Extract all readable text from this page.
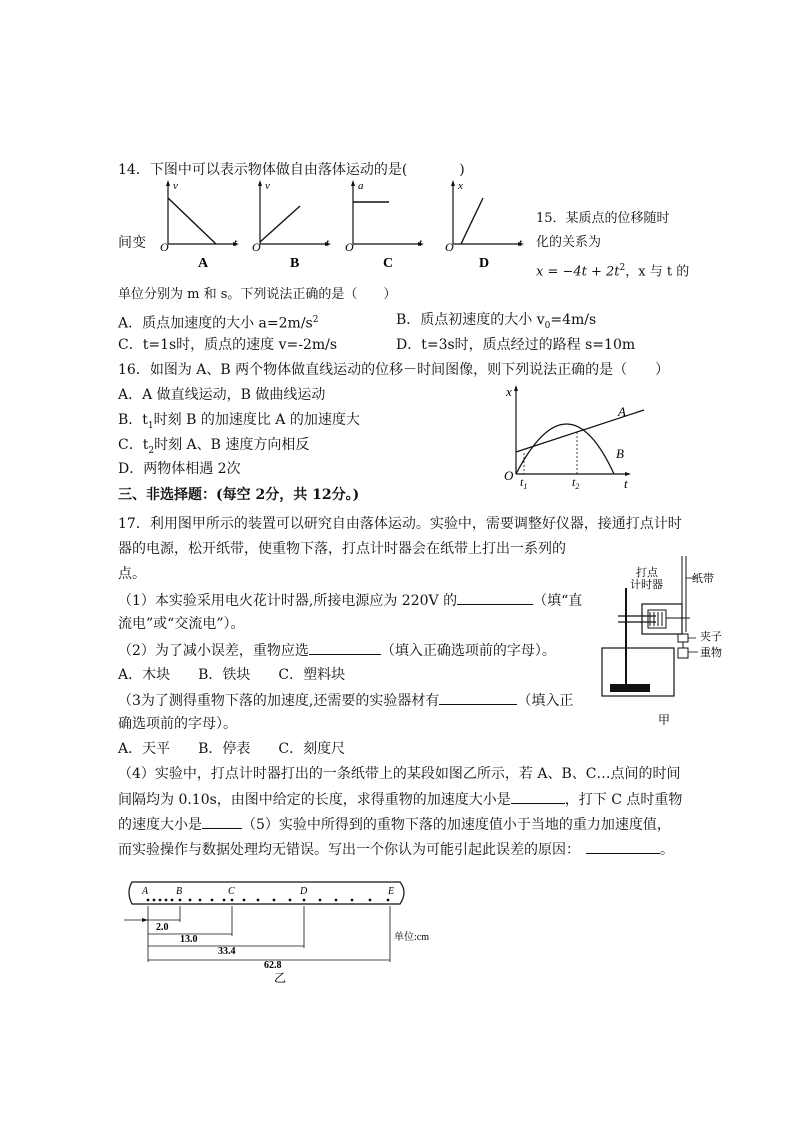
14．下图中可以表示物体做自由落体运动的是(	)
间变
v
t
O
A
v
t
O
B
a
t
O
C
x
t
O
D
15．某质点的位移随时
化的关系为
$x = -4t + 2t^2$，x 与 t 的
单位分别为 m 和 s。下列说法正确的是（　　）
A．质点加速度的大小 $a=2m/s^2$	B．质点初速度的大小 $v_0=4m/s$
C．t=1s时，质点的速度 v=-2m/s	D．t=3s时，质点经过的路程 s=10m
16．如图为 A、B 两个物体做直线运动的位移－时间图像，则下列说法正确的是（　　）
A．A 做直线运动，B 做曲线运动
B．$t_1$时刻 B 的加速度比 A 的加速度大
C．$t_2$时刻 A、B 速度方向相反
D．两物体相遇 2次
x
t
O
A
B
$t_1$	$t_2$
三、非选择题：(每空 2分，共 12分。)
17．利用图甲所示的装置可以研究自由落体运动。实验中，需要调整好仪器，接通打点计时
器的电源，松开纸带，使重物下落，打点计时器会在纸带上打出一系列的
点。
（1）本实验采用电火花计时器,所接电源应为 220V 的	（填“直
流电”或“交流电”）。
（2）为了减小误差，重物应选	（填入正确选项前的字母）。
A．木块　　B．铁块　　C．塑料块
（3为了测得重物下落的加速度,还需要的实验器材有	（填入正
确选项前的字母）。
A．天平　　B．停表　　C．刻度尺
（4）实验中，打点计时器打出的一条纸带上的某段如图乙所示，若 A、B、C…点间的时间
间隔均为 0.10s，由图中给定的长度，求得重物的加速度大小是	，打下 C 点时重物
的速度大小是	（5）实验中所得到的重物下落的加速度值小于当地的重力加速度值，
而实验操作与数据处理均无错误。写出一个你认为可能引起此误差的原因：	。
打点
计时器	纸带
夹子
重物
甲
A	B	C	D	E
2.0
13.0
33.4
62.8
单位:cm
乙
